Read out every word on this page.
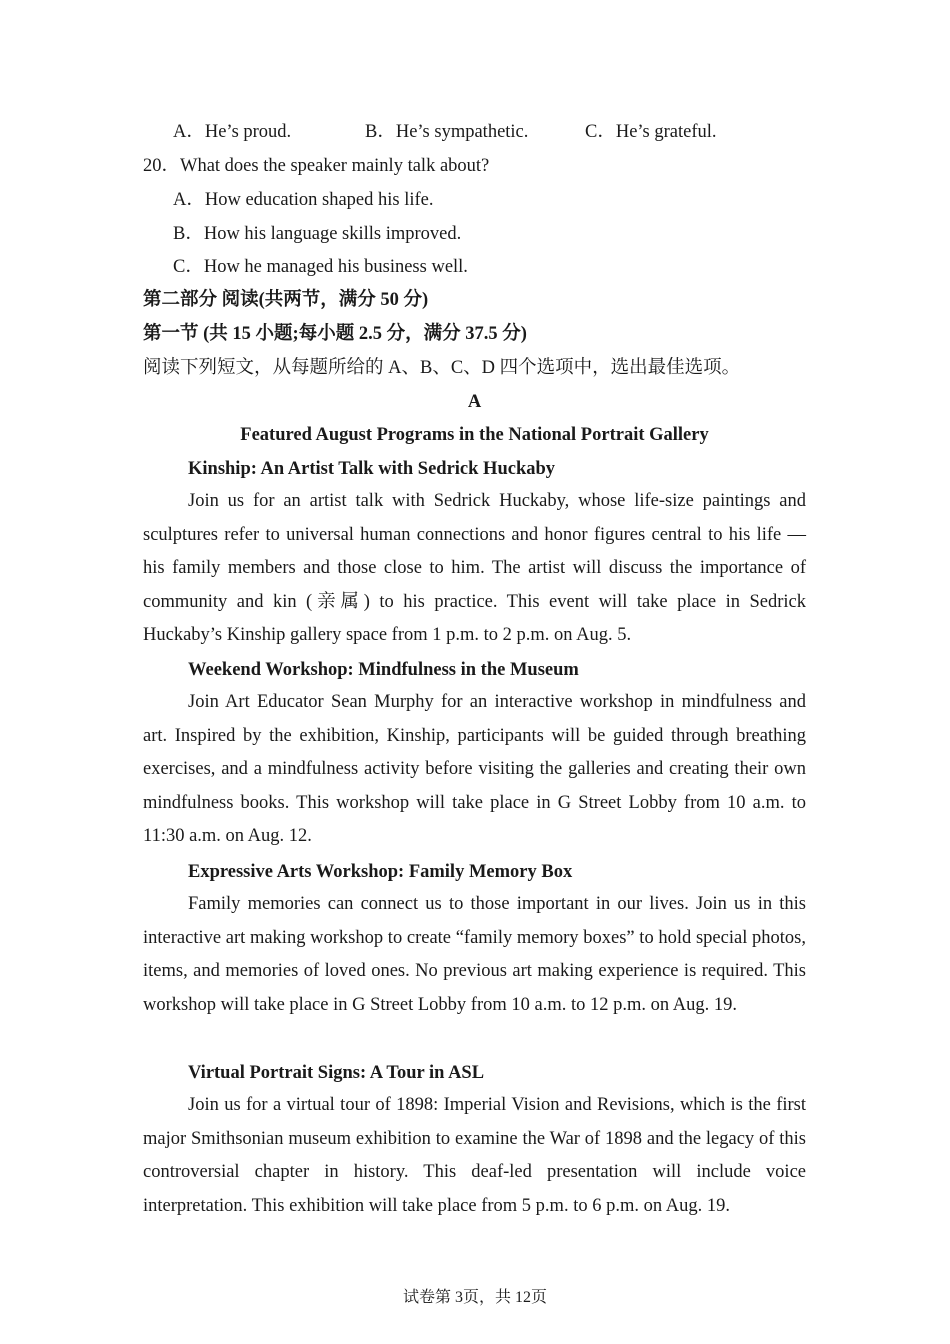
A．He’s proud.	B．He’s sympathetic.	C．He’s grateful.
20．What does the speaker mainly talk about?
A．How education shaped his life.
B．How his language skills improved.
C．How he managed his business well.
第二部分 阅读(共两节，满分 50 分)
第一节 (共 15 小题;每小题 2.5 分，满分 37.5 分)
阅读下列短文，从每题所给的 A、B、C、D 四个选项中，选出最佳选项。
A
Featured August Programs in the National Portrait Gallery
Kinship: An Artist Talk with Sedrick Huckaby
Join us for an artist talk with Sedrick Huckaby, whose life-size paintings and sculptures refer to universal human connections and honor figures central to his life — his family members and those close to him. The artist will discuss the importance of community and kin (亲属) to his practice. This event will take place in Sedrick Huckaby’s Kinship gallery space from 1 p.m. to 2 p.m. on Aug. 5.
Weekend Workshop: Mindfulness in the Museum
Join Art Educator Sean Murphy for an interactive workshop in mindfulness and art. Inspired by the exhibition, Kinship, participants will be guided through breathing exercises, and a mindfulness activity before visiting the galleries and creating their own mindfulness books. This workshop will take place in G Street Lobby from 10 a.m. to 11:30 a.m. on Aug. 12.
Expressive Arts Workshop: Family Memory Box
Family memories can connect us to those important in our lives. Join us in this interactive art making workshop to create “family memory boxes” to hold special photos, items, and memories of loved ones. No previous art making experience is required. This workshop will take place in G Street Lobby from 10 a.m. to 12 p.m. on Aug. 19.
Virtual Portrait Signs: A Tour in ASL
Join us for a virtual tour of 1898: Imperial Vision and Revisions, which is the first major Smithsonian museum exhibition to examine the War of 1898 and the legacy of this controversial chapter in history. This deaf-led presentation will include voice interpretation. This exhibition will take place from 5 p.m. to 6 p.m. on Aug. 19.
试卷第 3页，共 12页
